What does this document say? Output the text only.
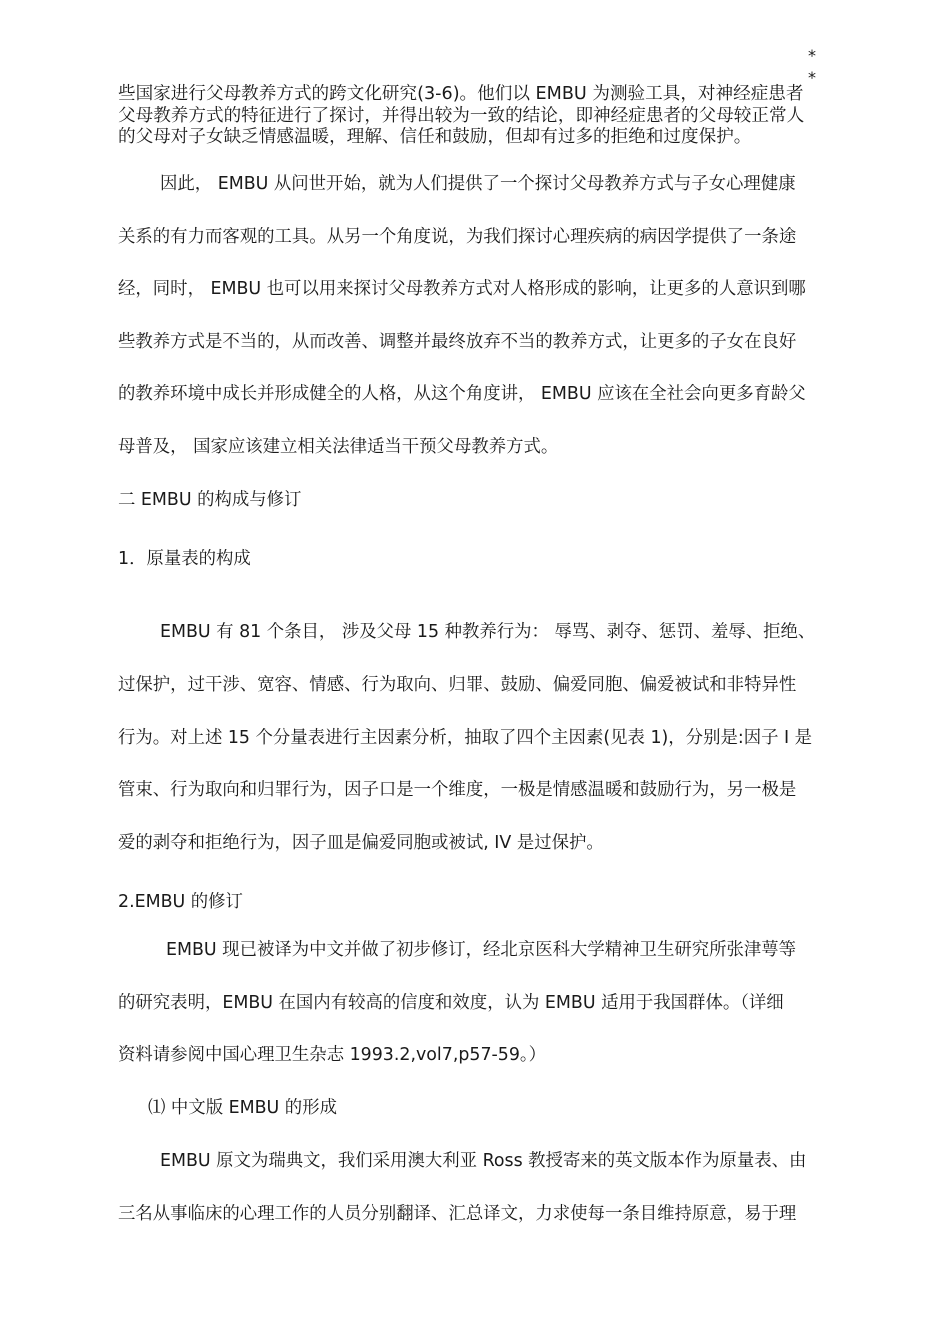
*
*
些国家进行父母教养方式的跨文化研究(3-6)。他们以 EMBU 为测验工具，对神经症患者
父母教养方式的特征进行了探讨，并得出较为一致的结论，即神经症患者的父母较正常人
的父母对子女缺乏情感温暖，理解、信任和鼓励，但却有过多的拒绝和过度保护。
因此， EMBU 从问世开始，就为人们提供了一个探讨父母教养方式与子女心理健康
关系的有力而客观的工具。从另一个角度说，为我们探讨心理疾病的病因学提供了一条途
经，同时， EMBU 也可以用来探讨父母教养方式对人格形成的影响，让更多的人意识到哪
些教养方式是不当的，从而改善、调整并最终放弃不当的教养方式，让更多的子女在良好
的教养环境中成长并形成健全的人格，从这个角度讲， EMBU 应该在全社会向更多育龄父
母普及， 国家应该建立相关法律适当干预父母教养方式。
二 EMBU 的构成与修订
1．原量表的构成
EMBU 有 81 个条目， 涉及父母 15 种教养行为： 辱骂、剥夺、惩罚、羞辱、拒绝、
过保护，过干涉、宽容、情感、行为取向、归罪、鼓励、偏爱同胞、偏爱被试和非特异性
行为。对上述 15 个分量表进行主因素分析，抽取了四个主因素(见表 1)，分别是:因子 I 是
管束、行为取向和归罪行为，因子口是一个维度，一极是情感温暖和鼓励行为，另一极是
爱的剥夺和拒绝行为，因子皿是偏爱同胞或被试, IV 是过保护。
2.EMBU 的修订
EMBU 现已被译为中文并做了初步修订，经北京医科大学精神卫生研究所张津萼等
的研究表明，EMBU 在国内有较高的信度和效度，认为 EMBU 适用于我国群体。（详细
资料请参阅中国心理卫生杂志 1993.2,vol7,p57-59。）
⑴ 中文版 EMBU 的形成
EMBU 原文为瑞典文，我们采用澳大利亚 Ross 教授寄来的英文版本作为原量表、由
三名从事临床的心理工作的人员分别翻译、汇总译文，力求使每一条目维持原意，易于理
